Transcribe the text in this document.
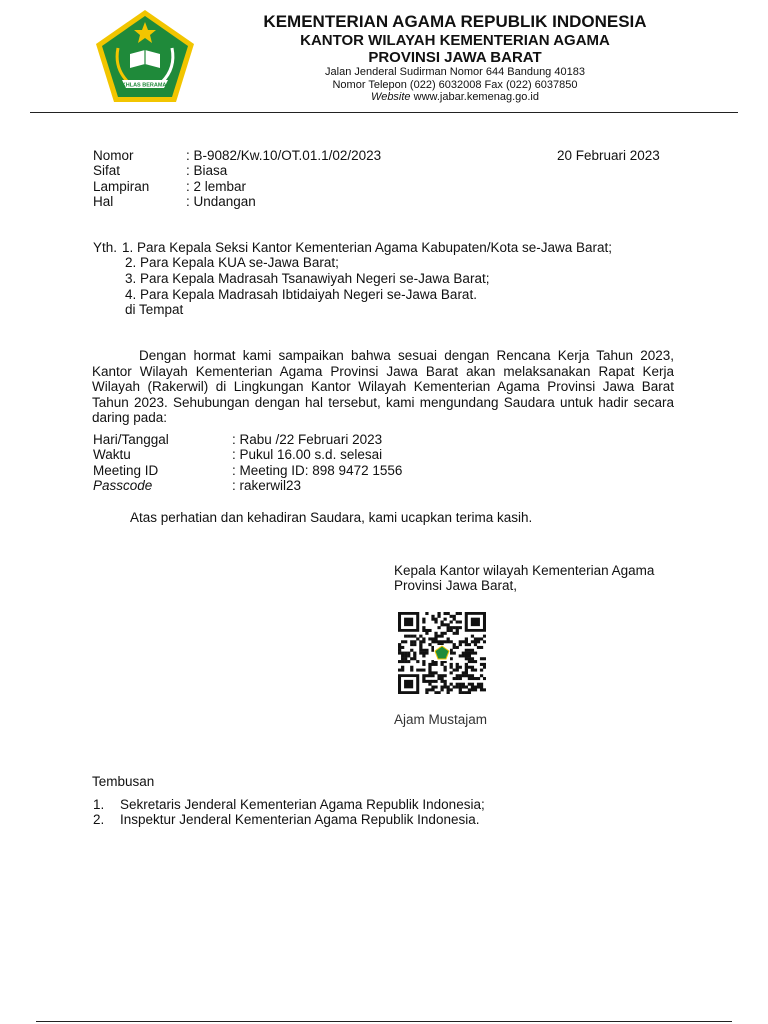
IKHLAS BERAMAL
KEMENTERIAN AGAMA REPUBLIK INDONESIA
KANTOR WILAYAH KEMENTERIAN AGAMA
PROVINSI JAWA BARAT
Jalan Jenderal Sudirman Nomor 644 Bandung 40183
Nomor Telepon (022) 6032008 Fax (022) 6037850
Website www.jabar.kemenag.go.id
Nomor	: B-9082/Kw.10/OT.01.1/02/2023
Sifat	: Biasa
Lampiran	: 2 lembar
Hal	: Undangan
20 Februari 2023
Yth. 1. Para Kepala Seksi Kantor Kementerian Agama Kabupaten/Kota se-Jawa Barat;
2. Para Kepala KUA se-Jawa Barat;
3. Para Kepala Madrasah Tsanawiyah Negeri se-Jawa Barat;
4. Para Kepala Madrasah Ibtidaiyah Negeri se-Jawa Barat.
di Tempat
Dengan hormat kami sampaikan bahwa sesuai dengan Rencana Kerja Tahun 2023, Kantor Wilayah Kementerian Agama Provinsi Jawa Barat akan melaksanakan Rapat Kerja Wilayah (Rakerwil) di Lingkungan Kantor Wilayah Kementerian Agama Provinsi Jawa Barat Tahun 2023. Sehubungan dengan hal tersebut, kami mengundang Saudara untuk hadir secara daring pada:
Hari/Tanggal	: Rabu /22 Februari 2023
Waktu	: Pukul 16.00 s.d. selesai
Meeting ID	: Meeting ID: 898 9472 1556
Passcode	: rakerwil23
Atas perhatian dan kehadiran Saudara, kami ucapkan terima kasih.
Kepala Kantor wilayah Kementerian Agama
Provinsi Jawa Barat,
Ajam Mustajam
Tembusan
1. Sekretaris Jenderal Kementerian Agama Republik Indonesia;
2. Inspektur Jenderal Kementerian Agama Republik Indonesia.
